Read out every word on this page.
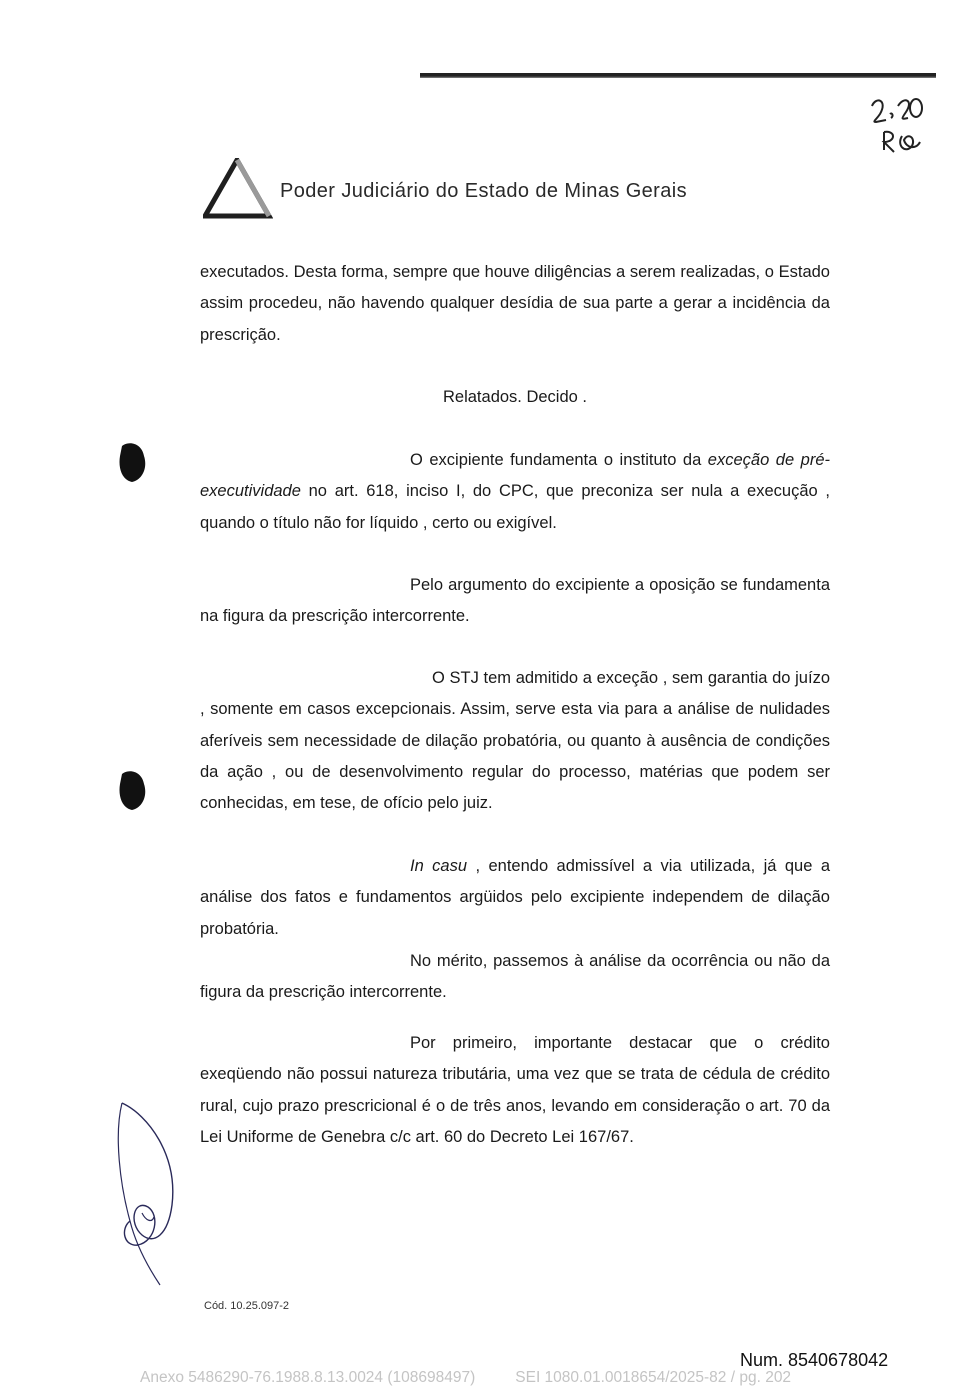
Poder Judiciário do Estado de Minas Gerais

executados. Desta forma, sempre que houve diligências a serem realizadas, o Estado assim procedeu, não havendo qualquer desídia de sua parte a gerar a incidência da prescrição.

Relatados. Decido .

O excipiente fundamenta o instituto da exceção de pré-executividade no art. 618, inciso I, do CPC, que preconiza ser nula a execução , quando o título não for líquido , certo ou exigível.

Pelo argumento do excipiente a oposição se fundamenta na figura da prescrição intercorrente.

O STJ tem admitido a exceção , sem garantia do juízo , somente em casos excepcionais. Assim, serve esta via para a análise de nulidades aferíveis sem necessidade de dilação probatória, ou quanto à ausência de condições da ação , ou de desenvolvimento regular do processo, matérias que podem ser conhecidas, em tese, de ofício pelo juiz.

In casu , entendo admissível a via utilizada, já que a análise dos fatos e fundamentos argüidos pelo excipiente independem de dilação probatória.

No mérito, passemos à análise da ocorrência ou não da figura da prescrição intercorrente.

Por primeiro, importante destacar que o crédito exeqüendo não possui natureza tributária, uma vez que se trata de cédula de crédito rural, cujo prazo prescricional é o de três anos, levando em consideração o art. 70 da Lei Uniforme de Genebra c/c art. 60 do Decreto Lei 167/67.

Cód. 10.25.097-2
Num. 8540678042
Anexo 5486290-76.1988.8.13.0024 (108698497)	SEI 1080.01.0018654/2025-82 / pg. 202
